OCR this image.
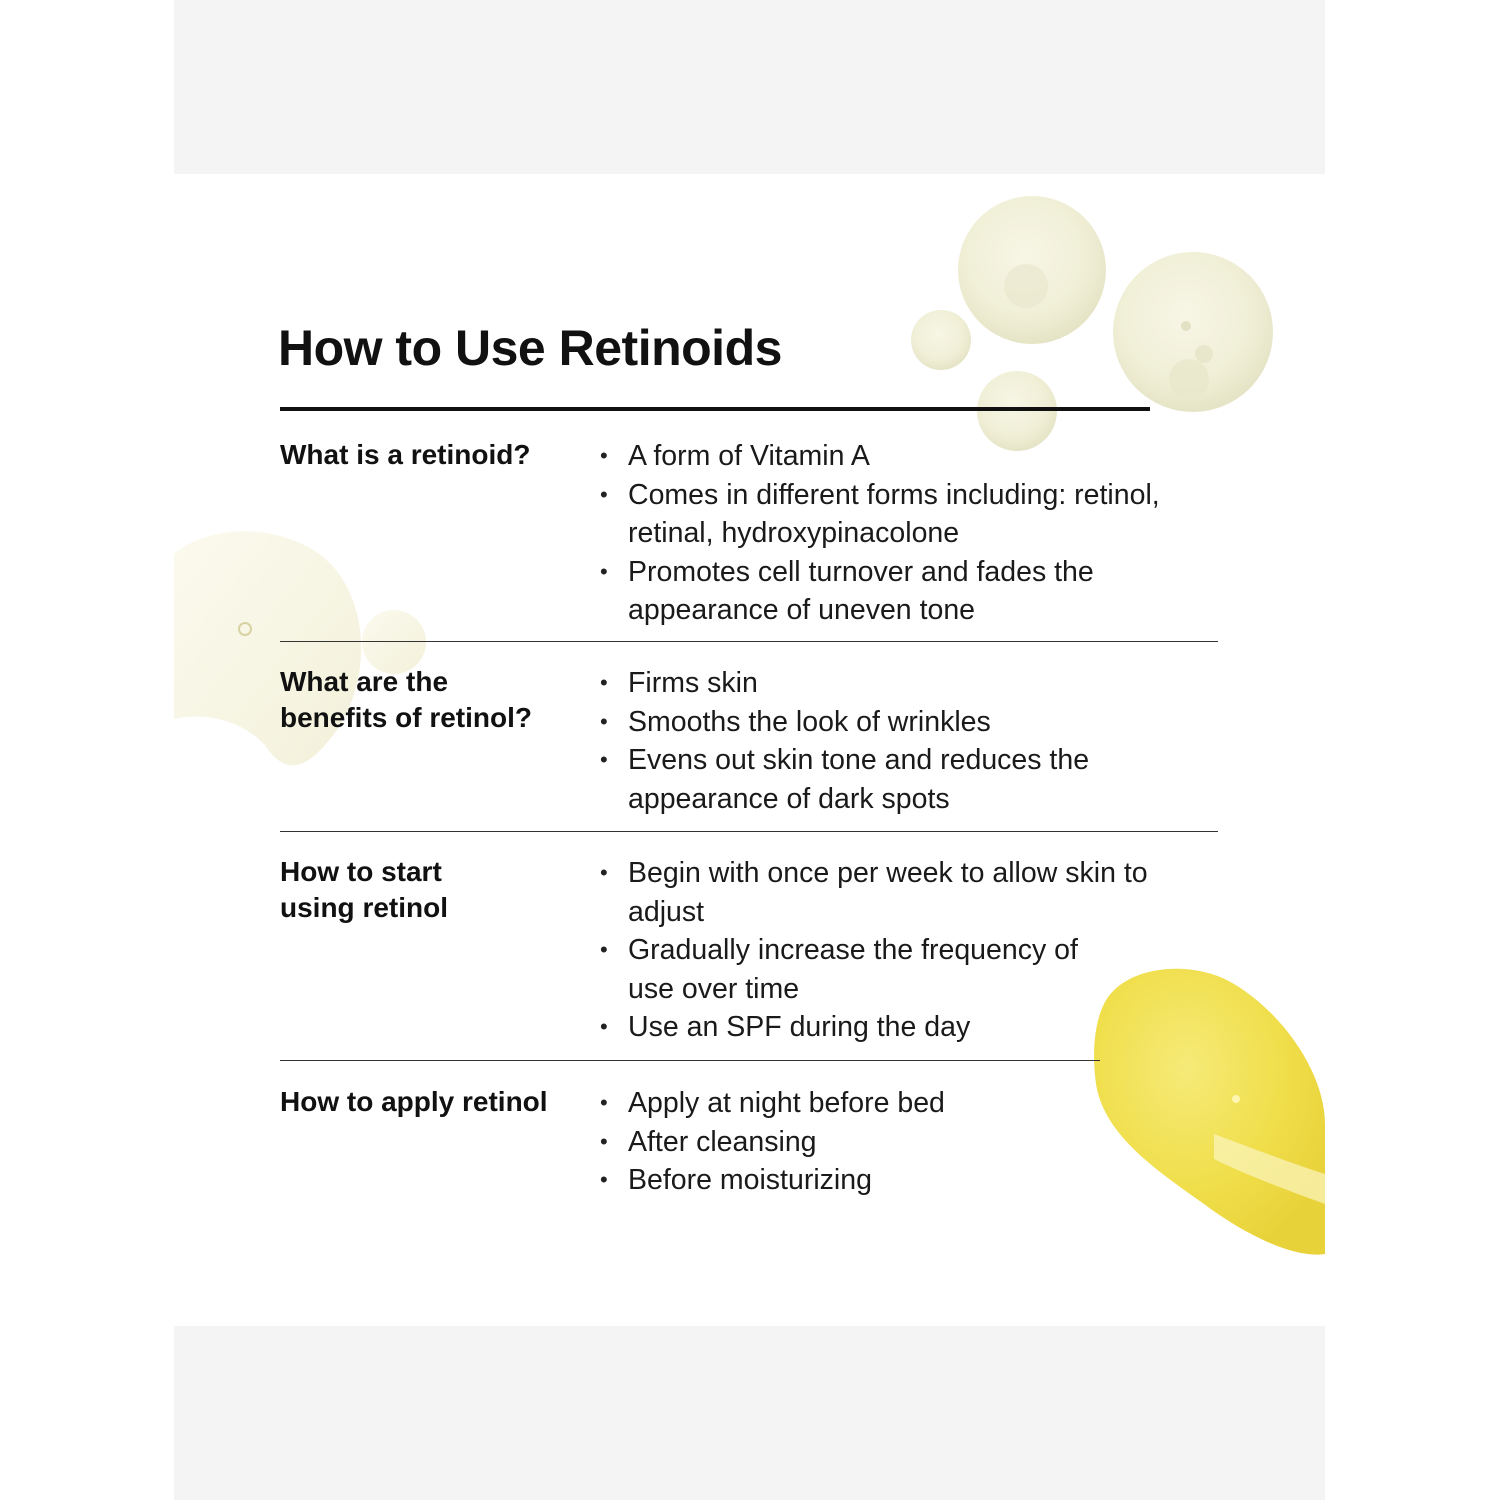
How to Use Retinoids
What is a retinoid?	• A form of Vitamin A
• Comes in different forms including: retinol, retinal, hydroxypinacolone
• Promotes cell turnover and fades the appearance of uneven tone
What are the benefits of retinol?
• Firms skin
• Smooths the look of wrinkles
• Evens out skin tone and reduces the appearance of dark spots
How to start using retinol
• Begin with once per week to allow skin to adjust
• Gradually increase the frequency of use over time
• Use an SPF during the day
How to apply retinol	• Apply at night before bed
• After cleansing
• Before moisturizing
